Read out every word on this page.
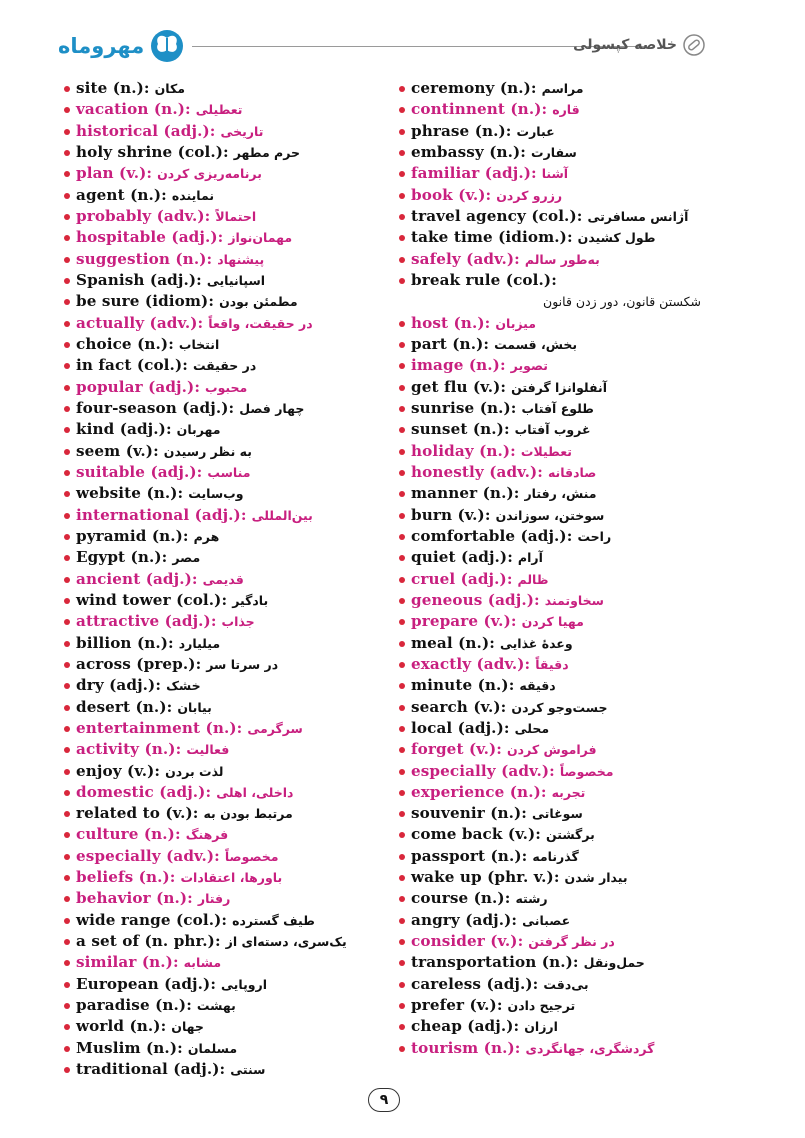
مهروماه	خلاصه کپسولی
site (n.): مکان
vacation (n.): تعطیلی
historical (adj.): تاریخی
holy shrine (col.): حرم مطهر
plan (v.): برنامه‌ریزی کردن
agent (n.): نماینده
probably (adv.): احتمالاً
hospitable (adj.): مهمان‌نواز
suggestion (n.): پیشنهاد
Spanish (adj.): اسپانیایی
be sure (idiom): مطمئن بودن
actually (adv.): در حقیقت، واقعاً
choice (n.): انتخاب
in fact (col.): در حقیقت
popular (adj.): محبوب
four-season (adj.): چهار فصل
kind (adj.): مهربان
seem (v.): به نظر رسیدن
suitable (adj.): مناسب
website (n.): وب‌سایت
international (adj.): بین‌المللی
pyramid (n.): هرم
Egypt (n.): مصر
ancient (adj.): قدیمی
wind tower (col.): بادگیر
attractive (adj.): جذاب
billion (n.): میلیارد
across (prep.): در سرتا سر
dry (adj.): خشک
desert (n.): بیابان
entertainment (n.): سرگرمی
activity (n.): فعالیت
enjoy (v.): لذت بردن
domestic (adj.): داخلی، اهلی
related to (v.): مرتبط بودن به
culture (n.): فرهنگ
especially (adv.): مخصوصاً
beliefs (n.): باورها، اعتقادات
behavior (n.): رفتار
wide range (col.): طیف گسترده
a set of (n. phr.): یک‌سری، دسته‌ای از
similar (n.): مشابه
European (adj.): اروپایی
paradise (n.): بهشت
world (n.): جهان
Muslim (n.): مسلمان
traditional (adj.): سنتی
ceremony (n.): مراسم
continnent (n.): قاره
phrase (n.): عبارت
embassy (n.): سفارت
familiar (adj.): آشنا
book (v.): رزرو کردن
travel agency (col.): آژانس مسافرتی
take time (idiom.): طول کشیدن
safely (adv.): به‌طور سالم
break rule (col.):
شکستن قانون، دور زدن قانون
host (n.): میزبان
part (n.): بخش، قسمت
image (n.): تصویر
get flu (v.): آنفلوانزا گرفتن
sunrise (n.): طلوع آفتاب
sunset (n.): غروب آفتاب
holiday (n.): تعطیلات
honestly (adv.): صادقانه
manner (n.): منش، رفتار
burn (v.): سوختن، سوزاندن
comfortable (adj.): راحت
quiet (adj.): آرام
cruel (adj.): ظالم
geneous (adj.): سخاوتمند
prepare (v.): مهیا کردن
meal (n.): وعدهٔ غذایی
exactly (adv.): دقیقاً
minute (n.): دقیقه
search (v.): جست‌وجو کردن
local (adj.): محلی
forget (v.): فراموش کردن
especially (adv.): مخصوصاً
experience (n.): تجربه
souvenir (n.): سوغاتی
come back (v.): برگشتن
passport (n.): گذرنامه
wake up (phr. v.): بیدار شدن
course (n.): رشته
angry (adj.): عصبانی
consider (v.): در نظر گرفتن
transportation (n.): حمل‌ونقل
careless (adj.): بی‌دقت
prefer (v.): ترجیح دادن
cheap (adj.): ارزان
tourism (n.): گردشگری، جهانگردی
۹
